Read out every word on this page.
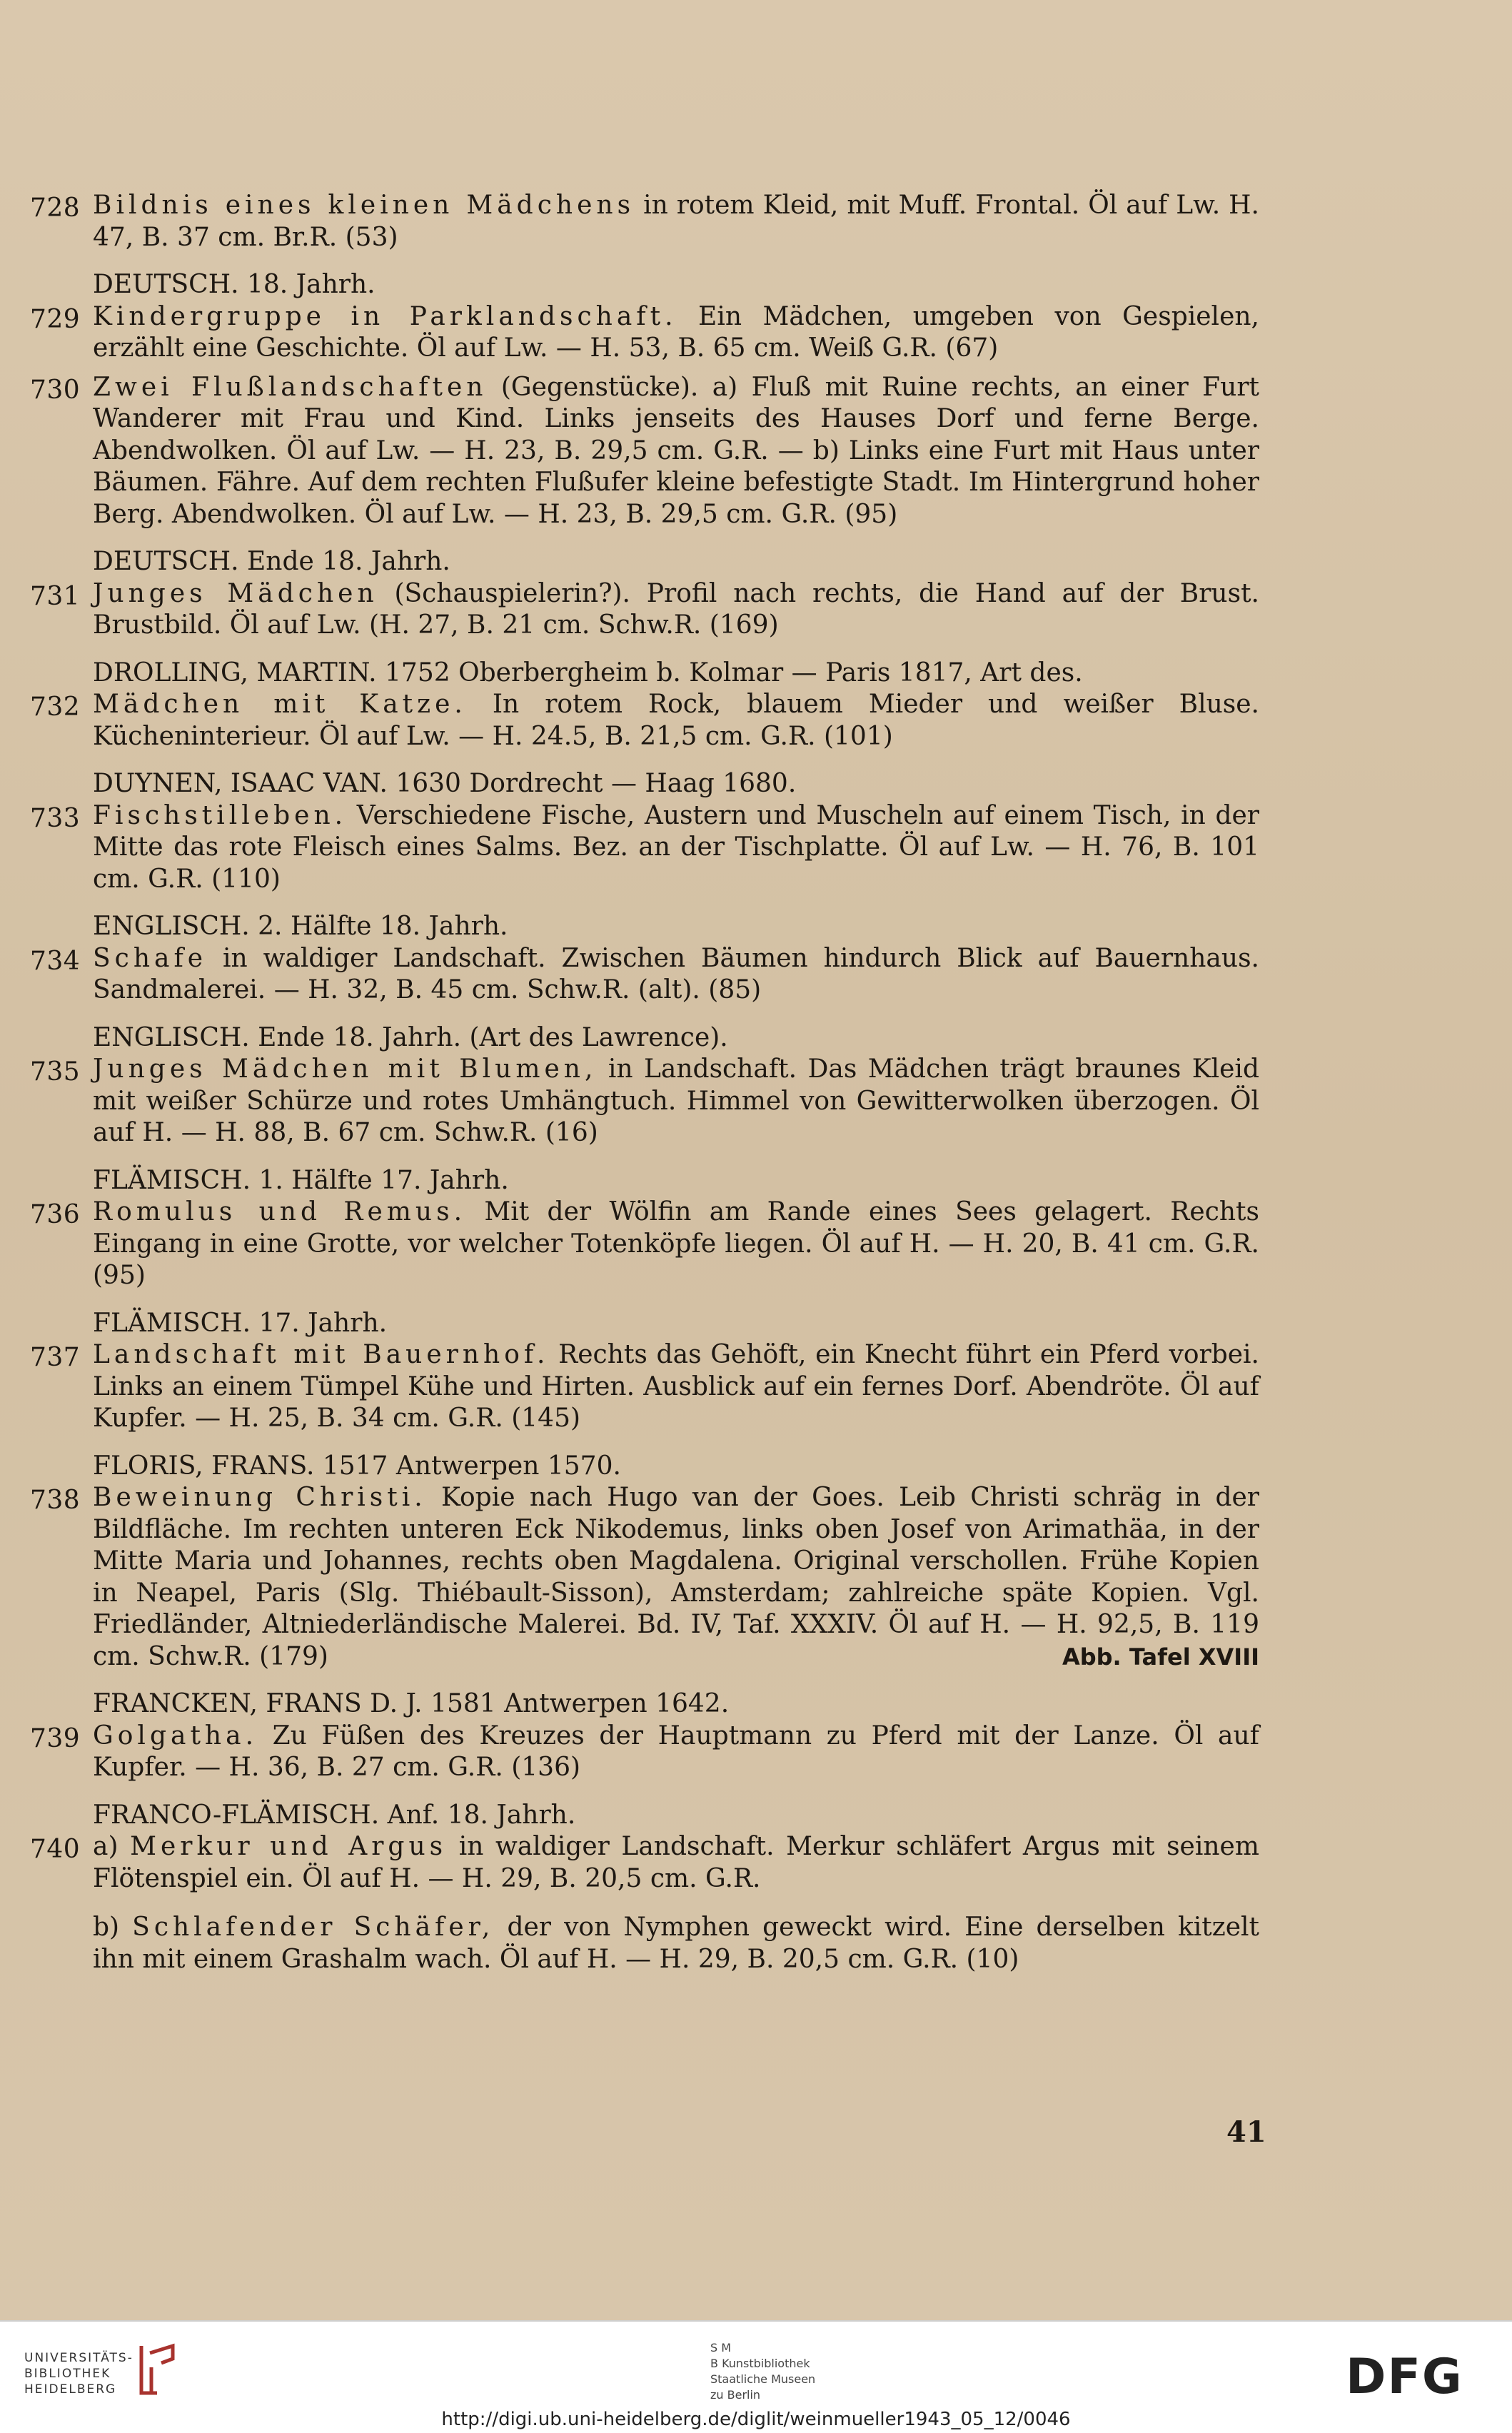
728 Bildnis eines kleinen Mädchens in rotem Kleid, mit Muff. Frontal. Öl auf Lw. H. 47, B. 37 cm. Br.R. (53)
DEUTSCH. 18. Jahrh.
729 Kindergruppe in Parklandschaft. Ein Mädchen, umgeben von Gespielen, erzählt eine Geschichte. Öl auf Lw. — H. 53, B. 65 cm. Weiß G.R. (67)
730 Zwei Flußlandschaften (Gegenstücke). a) Fluß mit Ruine rechts, an einer Furt Wanderer mit Frau und Kind. Links jenseits des Hauses Dorf und ferne Berge. Abendwolken. Öl auf Lw. — H. 23, B. 29,5 cm. G.R. — b) Links eine Furt mit Haus unter Bäumen. Fähre. Auf dem rechten Flußufer kleine befestigte Stadt. Im Hintergrund hoher Berg. Abendwolken. Öl auf Lw. — H. 23, B. 29,5 cm. G.R. (95)
DEUTSCH. Ende 18. Jahrh.
731 Junges Mädchen (Schauspielerin?). Profil nach rechts, die Hand auf der Brust. Brustbild. Öl auf Lw. (H. 27, B. 21 cm. Schw.R. (169)
DROLLING, MARTIN. 1752 Oberbergheim b. Kolmar — Paris 1817, Art des.
732 Mädchen mit Katze. In rotem Rock, blauem Mieder und weißer Bluse. Kücheninterieur. Öl auf Lw. — H. 24.5, B. 21,5 cm. G.R. (101)
DUYNEN, ISAAC VAN. 1630 Dordrecht — Haag 1680.
733 Fischstilleben. Verschiedene Fische, Austern und Muscheln auf einem Tisch, in der Mitte das rote Fleisch eines Salms. Bez. an der Tischplatte. Öl auf Lw. — H. 76, B. 101 cm. G.R. (110)
ENGLISCH. 2. Hälfte 18. Jahrh.
734 Schafe in waldiger Landschaft. Zwischen Bäumen hindurch Blick auf Bauernhaus. Sandmalerei. — H. 32, B. 45 cm. Schw.R. (alt). (85)
ENGLISCH. Ende 18. Jahrh. (Art des Lawrence).
735 Junges Mädchen mit Blumen, in Landschaft. Das Mädchen trägt braunes Kleid mit weißer Schürze und rotes Umhängtuch. Himmel von Gewitterwolken überzogen. Öl auf H. — H. 88, B. 67 cm. Schw.R. (16)
FLÄMISCH. 1. Hälfte 17. Jahrh.
736 Romulus und Remus. Mit der Wölfin am Rande eines Sees gelagert. Rechts Eingang in eine Grotte, vor welcher Totenköpfe liegen. Öl auf H. — H. 20, B. 41 cm. G.R. (95)
FLÄMISCH. 17. Jahrh.
737 Landschaft mit Bauernhof. Rechts das Gehöft, ein Knecht führt ein Pferd vorbei. Links an einem Tümpel Kühe und Hirten. Ausblick auf ein fernes Dorf. Abendröte. Öl auf Kupfer. — H. 25, B. 34 cm. G.R. (145)
FLORIS, FRANS. 1517 Antwerpen 1570.
738 Beweinung Christi. Kopie nach Hugo van der Goes. Leib Christi schräg in der Bildfläche. Im rechten unteren Eck Nikodemus, links oben Josef von Arimathäa, in der Mitte Maria und Johannes, rechts oben Magdalena. Original verschollen. Frühe Kopien in Neapel, Paris (Slg. Thiébault-Sisson), Amsterdam; zahlreiche späte Kopien. Vgl. Friedländer, Altniederländische Malerei. Bd. IV, Taf. XXXIV. Öl auf H. — H. 92,5, B. 119 cm. Schw.R. (179)	Abb. Tafel XVIII
FRANCKEN, FRANS D. J. 1581 Antwerpen 1642.
739 Golgatha. Zu Füßen des Kreuzes der Hauptmann zu Pferd mit der Lanze. Öl auf Kupfer. — H. 36, B. 27 cm. G.R. (136)
FRANCO-FLÄMISCH. Anf. 18. Jahrh.
740 a) Merkur und Argus in waldiger Landschaft. Merkur schläfert Argus mit seinem Flötenspiel ein. Öl auf H. — H. 29, B. 20,5 cm. G.R.
b) Schlafender Schäfer, der von Nymphen geweckt wird. Eine derselben kitzelt ihn mit einem Grashalm wach. Öl auf H. — H. 29, B. 20,5 cm. G.R. (10)
41
UNIVERSITÄTS-
BIBLIOTHEK
HEIDELBERG
S M
B Kunstbibliothek
Staatliche Museen
zu Berlin	DFG
http://digi.ub.uni-heidelberg.de/diglit/weinmueller1943_05_12/0046
